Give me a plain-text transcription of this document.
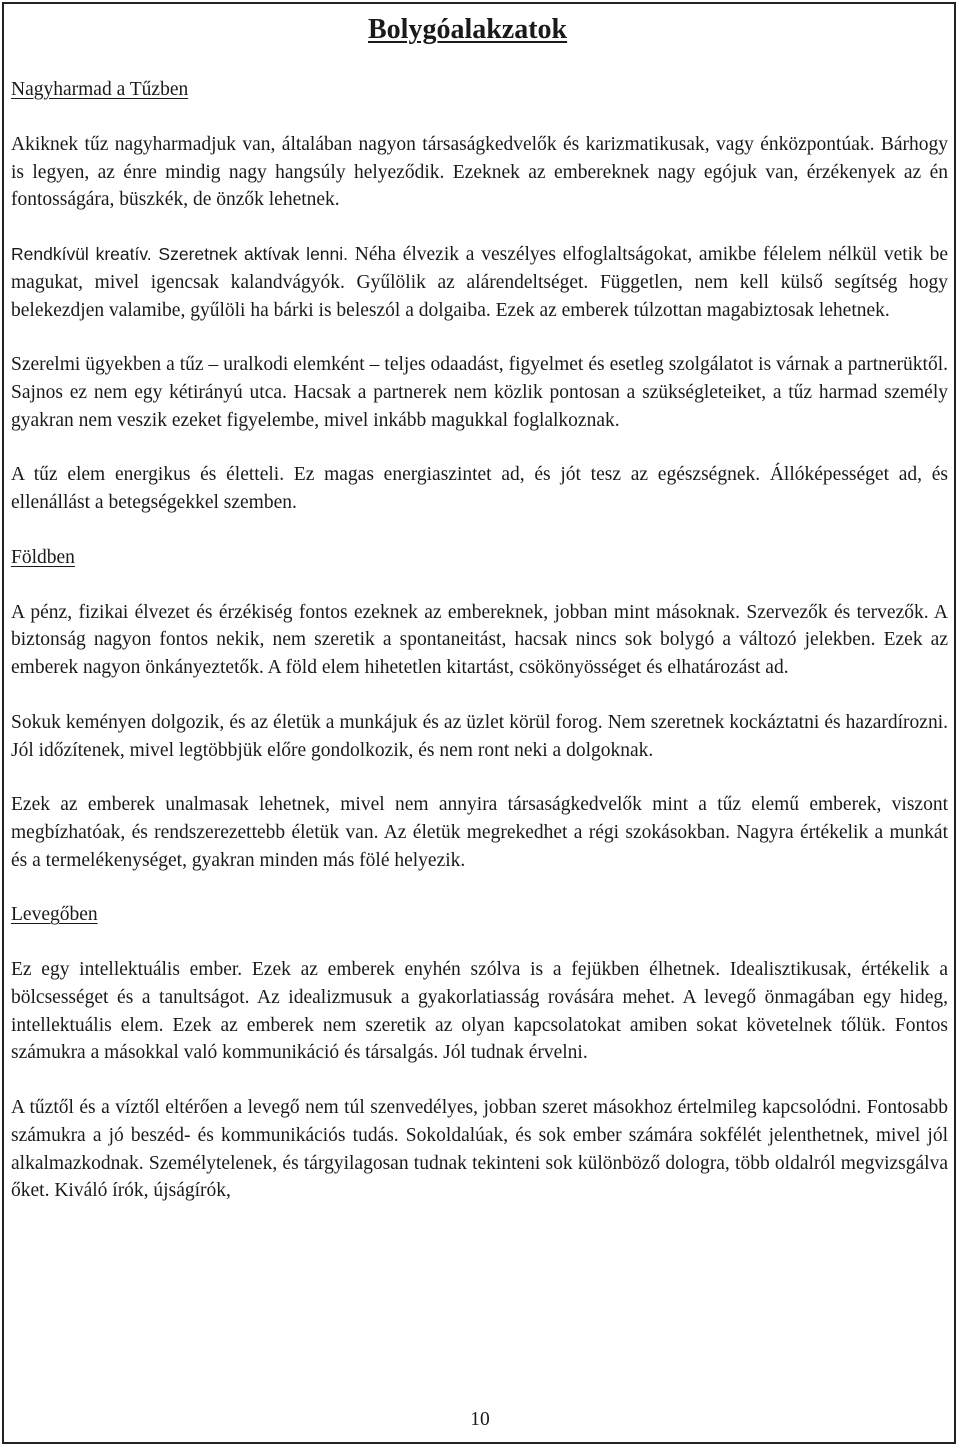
Bolygóalakzatok

Nagyharmad a Tűzben

Akiknek tűz nagyharmadjuk van, általában nagyon társaságkedvelők és karizmatikusak, vagy énközpontúak. Bárhogy is legyen, az énre mindig nagy hangsúly helyeződik. Ezeknek az embereknek nagy egójuk van, érzékenyek az én fontosságára, büszkék, de önzők lehetnek.

Rendkívül kreatív. Szeretnek aktívak lenni. Néha élvezik a veszélyes elfoglaltságokat, amikbe félelem nélkül vetik be magukat, mivel igencsak kalandvágyók. Gyűlölik az alárendeltséget. Független, nem kell külső segítség hogy belekezdjen valamibe, gyűlöli ha bárki is beleszól a dolgaiba. Ezek az emberek túlzottan magabiztosak lehetnek.

Szerelmi ügyekben a tűz – uralkodi elemként – teljes odaadást, figyelmet és esetleg szolgálatot is várnak a partnerüktől. Sajnos ez nem egy kétirányú utca. Hacsak a partnerek nem közlik pontosan a szükségleteiket, a tűz harmad személy gyakran nem veszik ezeket figyelembe, mivel inkább magukkal foglalkoznak.

A tűz elem energikus és életteli. Ez magas energiaszintet ad, és jót tesz az egészségnek. Állóképességet ad, és ellenállást a betegségekkel szemben.

Földben

A pénz, fizikai élvezet és érzékiség fontos ezeknek az embereknek, jobban mint másoknak. Szervezők és tervezők. A biztonság nagyon fontos nekik, nem szeretik a spontaneitást, hacsak nincs sok bolygó a változó jelekben. Ezek az emberek nagyon önkányeztetők. A föld elem hihetetlen kitartást, csökönyösséget és elhatározást ad.

Sokuk keményen dolgozik, és az életük a munkájuk és az üzlet körül forog. Nem szeretnek kockáztatni és hazardírozni. Jól időzítenek, mivel legtöbbjük előre gondolkozik, és nem ront neki a dolgoknak.

Ezek az emberek unalmasak lehetnek, mivel nem annyira társaságkedvelők mint a tűz elemű emberek, viszont megbízhatóak, és rendszerezettebb életük van. Az életük megrekedhet a régi szokásokban. Nagyra értékelik a munkát és a termelékenységet, gyakran minden más fölé helyezik.

Levegőben

Ez egy intellektuális ember. Ezek az emberek enyhén szólva is a fejükben élhetnek. Idealisztikusak, értékelik a bölcsességet és a tanultságot. Az idealizmusuk a gyakorlatiasság rovására mehet. A levegő önmagában egy hideg, intellektuális elem. Ezek az emberek nem szeretik az olyan kapcsolatokat amiben sokat követelnek tőlük. Fontos számukra a másokkal való kommunikáció és társalgás. Jól tudnak érvelni.

A tűztől és a víztől eltérően a levegő nem túl szenvedélyes, jobban szeret másokhoz értelmileg kapcsolódni. Fontosabb számukra a jó beszéd- és kommunikációs tudás. Sokoldalúak, és sok ember számára sokfélét jelenthetnek, mivel jól alkalmazkodnak. Személytelenek, és tárgyilagosan tudnak tekinteni sok különböző dologra, több oldalról megvizsgálva őket. Kiváló írók, újságírók,

10
